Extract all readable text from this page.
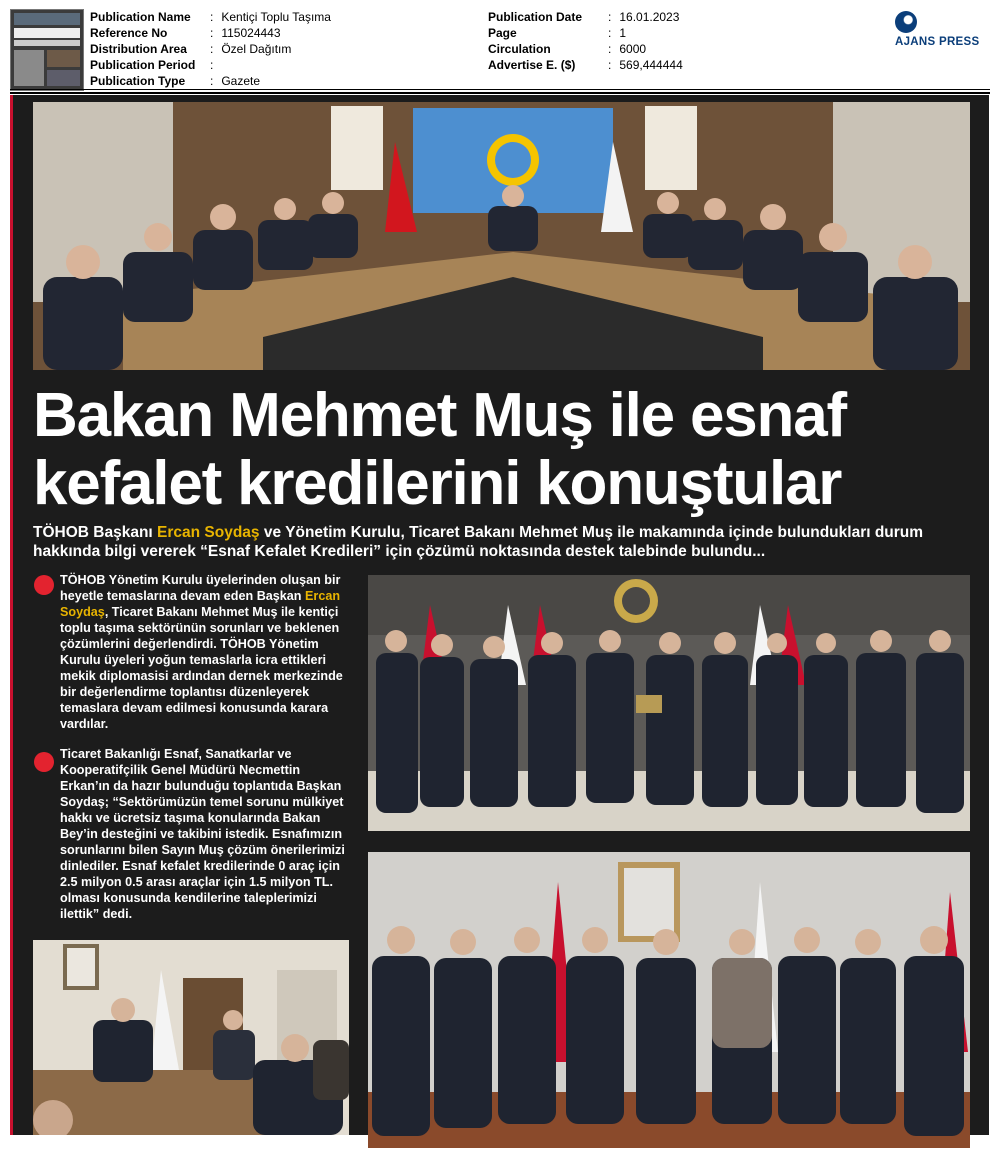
Publication Name	: Kentiçi Toplu Taşıma
Reference No	: 115024443
Distribution Area	: Özel Dağıtım
Publication Period	:
Publication Type	: Gazete
Publication Date	: 16.01.2023
Page	: 1
Circulation	: 6000
Advertise E. ($)	: 569,444444
AJANS PRESS
Bakan Mehmet Muş ile esnaf kefalet kredilerini konuştular

TÖHOB Başkanı Ercan Soydaş ve Yönetim Kurulu, Ticaret Bakanı Mehmet Muş ile makamında içinde bulundukları durum hakkında bilgi vererek “Esnaf Kefalet Kredileri” için çözümü noktasında destek talebinde bulundu...

TÖHOB Yönetim Kurulu üyelerinden oluşan bir heyetle temaslarına devam eden Başkan Ercan Soydaş, Ticaret Bakanı Mehmet Muş ile kentiçi toplu taşıma sektörünün sorunları ve beklenen çözümlerini değerlendirdi. TÖHOB Yönetim Kurulu üyeleri yoğun temaslarla icra ettikleri mekik diplomasisi ardından dernek merkezinde bir değerlendirme toplantısı düzenleyerek temaslara devam edilmesi konusunda karara vardılar.

Ticaret Bakanlığı Esnaf, Sanatkarlar ve Kooperatifçilik Genel Müdürü Necmettin Erkan’ın da hazır bulunduğu toplantıda Başkan Soydaş; “Sektörümüzün temel sorunu mülkiyet hakkı ve ücretsiz taşıma konularında Bakan Bey’in desteğini ve takibini istedik. Esnafımızın sorunlarını bilen Sayın Muş çözüm önerilerimizi dinlediler. Esnaf kefalet kredilerinde 0 araç için 2.5 milyon 0.5 arası araçlar için 1.5 milyon TL. olması konusunda kendilerine taleplerimizi ilettik” dedi.
